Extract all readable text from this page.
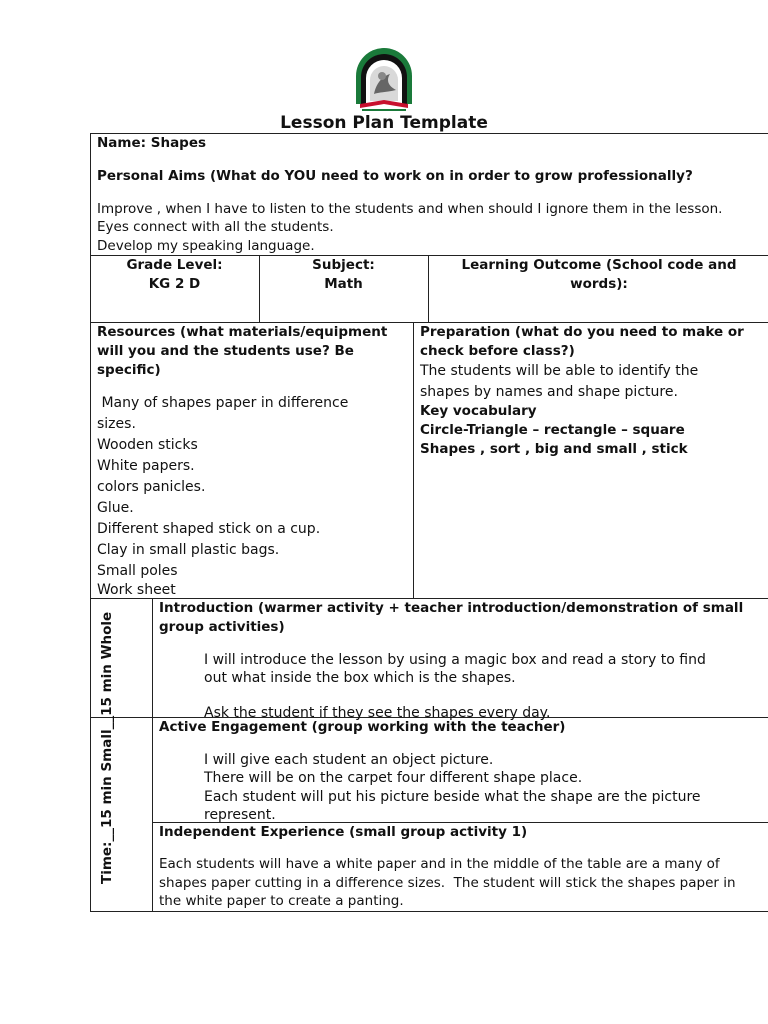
Lesson Plan Template
Name: Shapes
Personal Aims (What do YOU need to work on in order to grow professionally?
Improve , when I have to listen to the students and when should I ignore them in the lesson.
Eyes connect with all the students.
Develop my speaking language.
Grade Level:
KG 2 D
Subject:
Math
Learning Outcome (School code and
words):
Resources (what materials/equipment
will you and the students use? Be
specific)
Many of shapes paper in difference
sizes.
Wooden sticks
White papers.
colors panicles.
Glue.
Different shaped stick on a cup.
Clay in small plastic bags.
Small poles
Work sheet
Preparation (what do you need to make or
check before class?)
The students will be able to identify the
shapes by names and shape picture.
Key vocabulary
Circle-Triangle – rectangle – square
Shapes , sort , big and small , stick
Time:__15 min Small__15 min Whole
Introduction (warmer activity + teacher introduction/demonstration of small
group activities)
I will introduce the lesson by using a magic box and read a story to find
out what inside the box which is the shapes.
Ask the student if they see the shapes every day.
Active Engagement (group working with the teacher)
I will give each student an object picture.
There will be on the carpet four different shape place.
Each student will put his picture beside what the shape are the picture
represent.
Independent Experience (small group activity 1)
Each students will have a white paper and in the middle of the table are a many of
shapes paper cutting in a difference sizes.  The student will stick the shapes paper in
the white paper to create a panting.
